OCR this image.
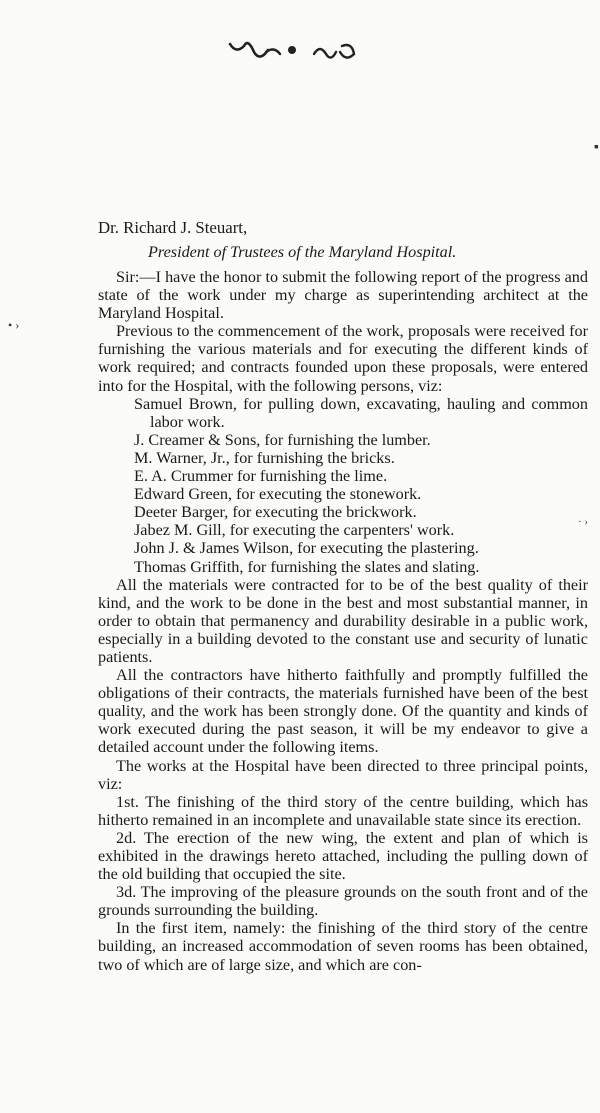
▪
• ›
· ›
Dr. Richard J. Steuart,
President of Trustees of the Maryland Hospital.

Sir:—I have the honor to submit the following report of the progress and state of the work under my charge as superintending architect at the Maryland Hospital.

Previous to the commencement of the work, proposals were received for furnishing the various materials and for executing the different kinds of work required; and contracts founded upon these proposals, were entered into for the Hospital, with the following persons, viz:

Samuel Brown, for pulling down, excavating, hauling and common labor work.
J. Creamer & Sons, for furnishing the lumber.
M. Warner, Jr., for furnishing the bricks.
E. A. Crummer for furnishing the lime.
Edward Green, for executing the stonework.
Deeter Barger, for executing the brickwork.
Jabez M. Gill, for executing the carpenters' work.
John J. & James Wilson, for executing the plastering.
Thomas Griffith, for furnishing the slates and slating.

All the materials were contracted for to be of the best quality of their kind, and the work to be done in the best and most substantial manner, in order to obtain that permanency and durability desirable in a public work, especially in a building devoted to the constant use and security of lunatic patients.

All the contractors have hitherto faithfully and promptly fulfilled the obligations of their contracts, the materials furnished have been of the best quality, and the work has been strongly done. Of the quantity and kinds of work executed during the past season, it will be my endeavor to give a detailed account under the following items.

The works at the Hospital have been directed to three principal points, viz:

1st. The finishing of the third story of the centre building, which has hitherto remained in an incomplete and unavailable state since its erection.

2d. The erection of the new wing, the extent and plan of which is exhibited in the drawings hereto attached, including the pulling down of the old building that occupied the site.

3d. The improving of the pleasure grounds on the south front and of the grounds surrounding the building.

In the first item, namely: the finishing of the third story of the centre building, an increased accommodation of seven rooms has been obtained, two of which are of large size, and which are con-
